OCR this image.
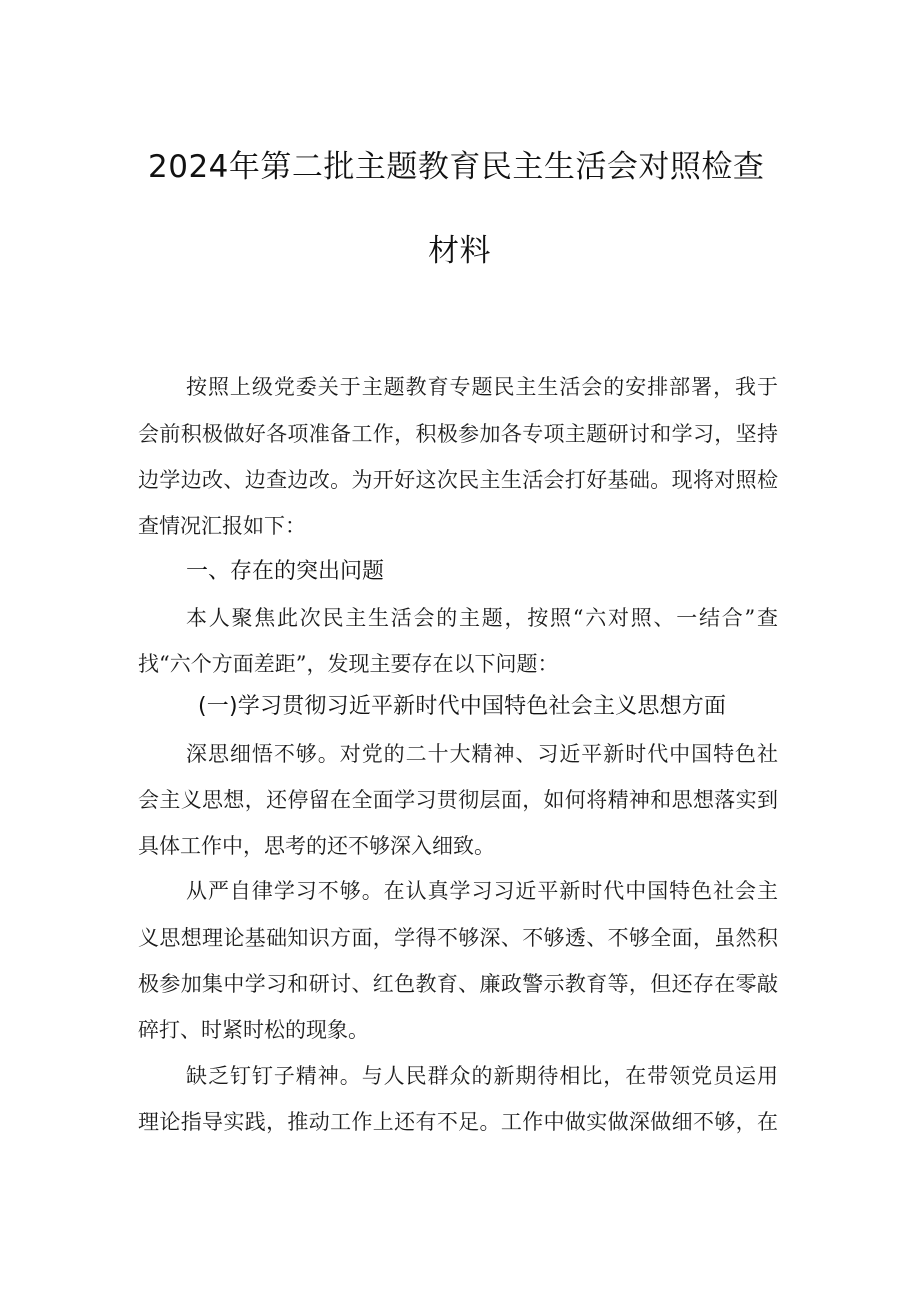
2024年第二批主题教育民主生活会对照检查
材料
按照上级党委关于主题教育专题民主生活会的安排部署，我于
会前积极做好各项准备工作，积极参加各专项主题研讨和学习，坚持
边学边改、边查边改。为开好这次民主生活会打好基础。现将对照检
查情况汇报如下：
一、存在的突出问题
本人聚焦此次民主生活会的主题，按照“六对照、一结合”查
找“六个方面差距”，发现主要存在以下问题：
(一)学习贯彻习近平新时代中国特色社会主义思想方面
深思细悟不够。对党的二十大精神、习近平新时代中国特色社
会主义思想，还停留在全面学习贯彻层面，如何将精神和思想落实到
具体工作中，思考的还不够深入细致。
从严自律学习不够。在认真学习习近平新时代中国特色社会主
义思想理论基础知识方面，学得不够深、不够透、不够全面，虽然积
极参加集中学习和研讨、红色教育、廉政警示教育等，但还存在零敲
碎打、时紧时松的现象。
缺乏钉钉子精神。与人民群众的新期待相比，在带领党员运用
理论指导实践，推动工作上还有不足。工作中做实做深做细不够，在
